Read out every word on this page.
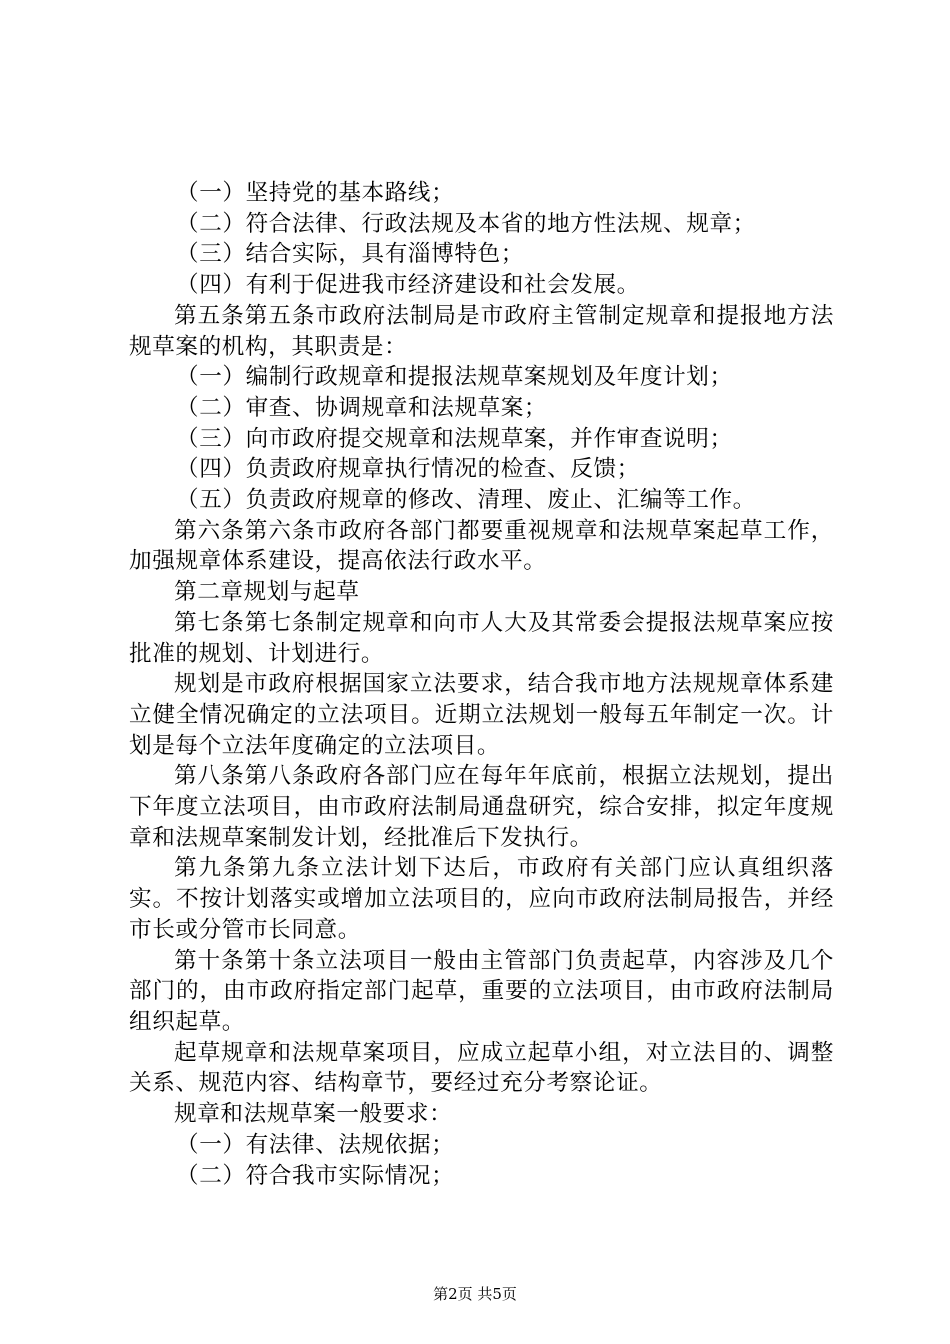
（一）坚持党的基本路线；

（二）符合法律、行政法规及本省的地方性法规、规章；

（三）结合实际，具有淄博特色；

（四）有利于促进我市经济建设和社会发展。

第五条第五条市政府法制局是市政府主管制定规章和提报地方法规草案的机构，其职责是：

（一）编制行政规章和提报法规草案规划及年度计划；

（二）审查、协调规章和法规草案；

（三）向市政府提交规章和法规草案，并作审查说明；

（四）负责政府规章执行情况的检查、反馈；

（五）负责政府规章的修改、清理、废止、汇编等工作。

第六条第六条市政府各部门都要重视规章和法规草案起草工作，加强规章体系建设，提高依法行政水平。

第二章规划与起草

第七条第七条制定规章和向市人大及其常委会提报法规草案应按批准的规划、计划进行。

规划是市政府根据国家立法要求，结合我市地方法规规章体系建立健全情况确定的立法项目。近期立法规划一般每五年制定一次。计划是每个立法年度确定的立法项目。

第八条第八条政府各部门应在每年年底前，根据立法规划，提出下年度立法项目，由市政府法制局通盘研究，综合安排，拟定年度规章和法规草案制发计划，经批准后下发执行。

第九条第九条立法计划下达后，市政府有关部门应认真组织落实。不按计划落实或增加立法项目的，应向市政府法制局报告，并经市长或分管市长同意。

第十条第十条立法项目一般由主管部门负责起草，内容涉及几个部门的，由市政府指定部门起草，重要的立法项目，由市政府法制局组织起草。

起草规章和法规草案项目，应成立起草小组，对立法目的、调整关系、规范内容、结构章节，要经过充分考察论证。

规章和法规草案一般要求：

（一）有法律、法规依据；

（二）符合我市实际情况；

第2页 共5页
